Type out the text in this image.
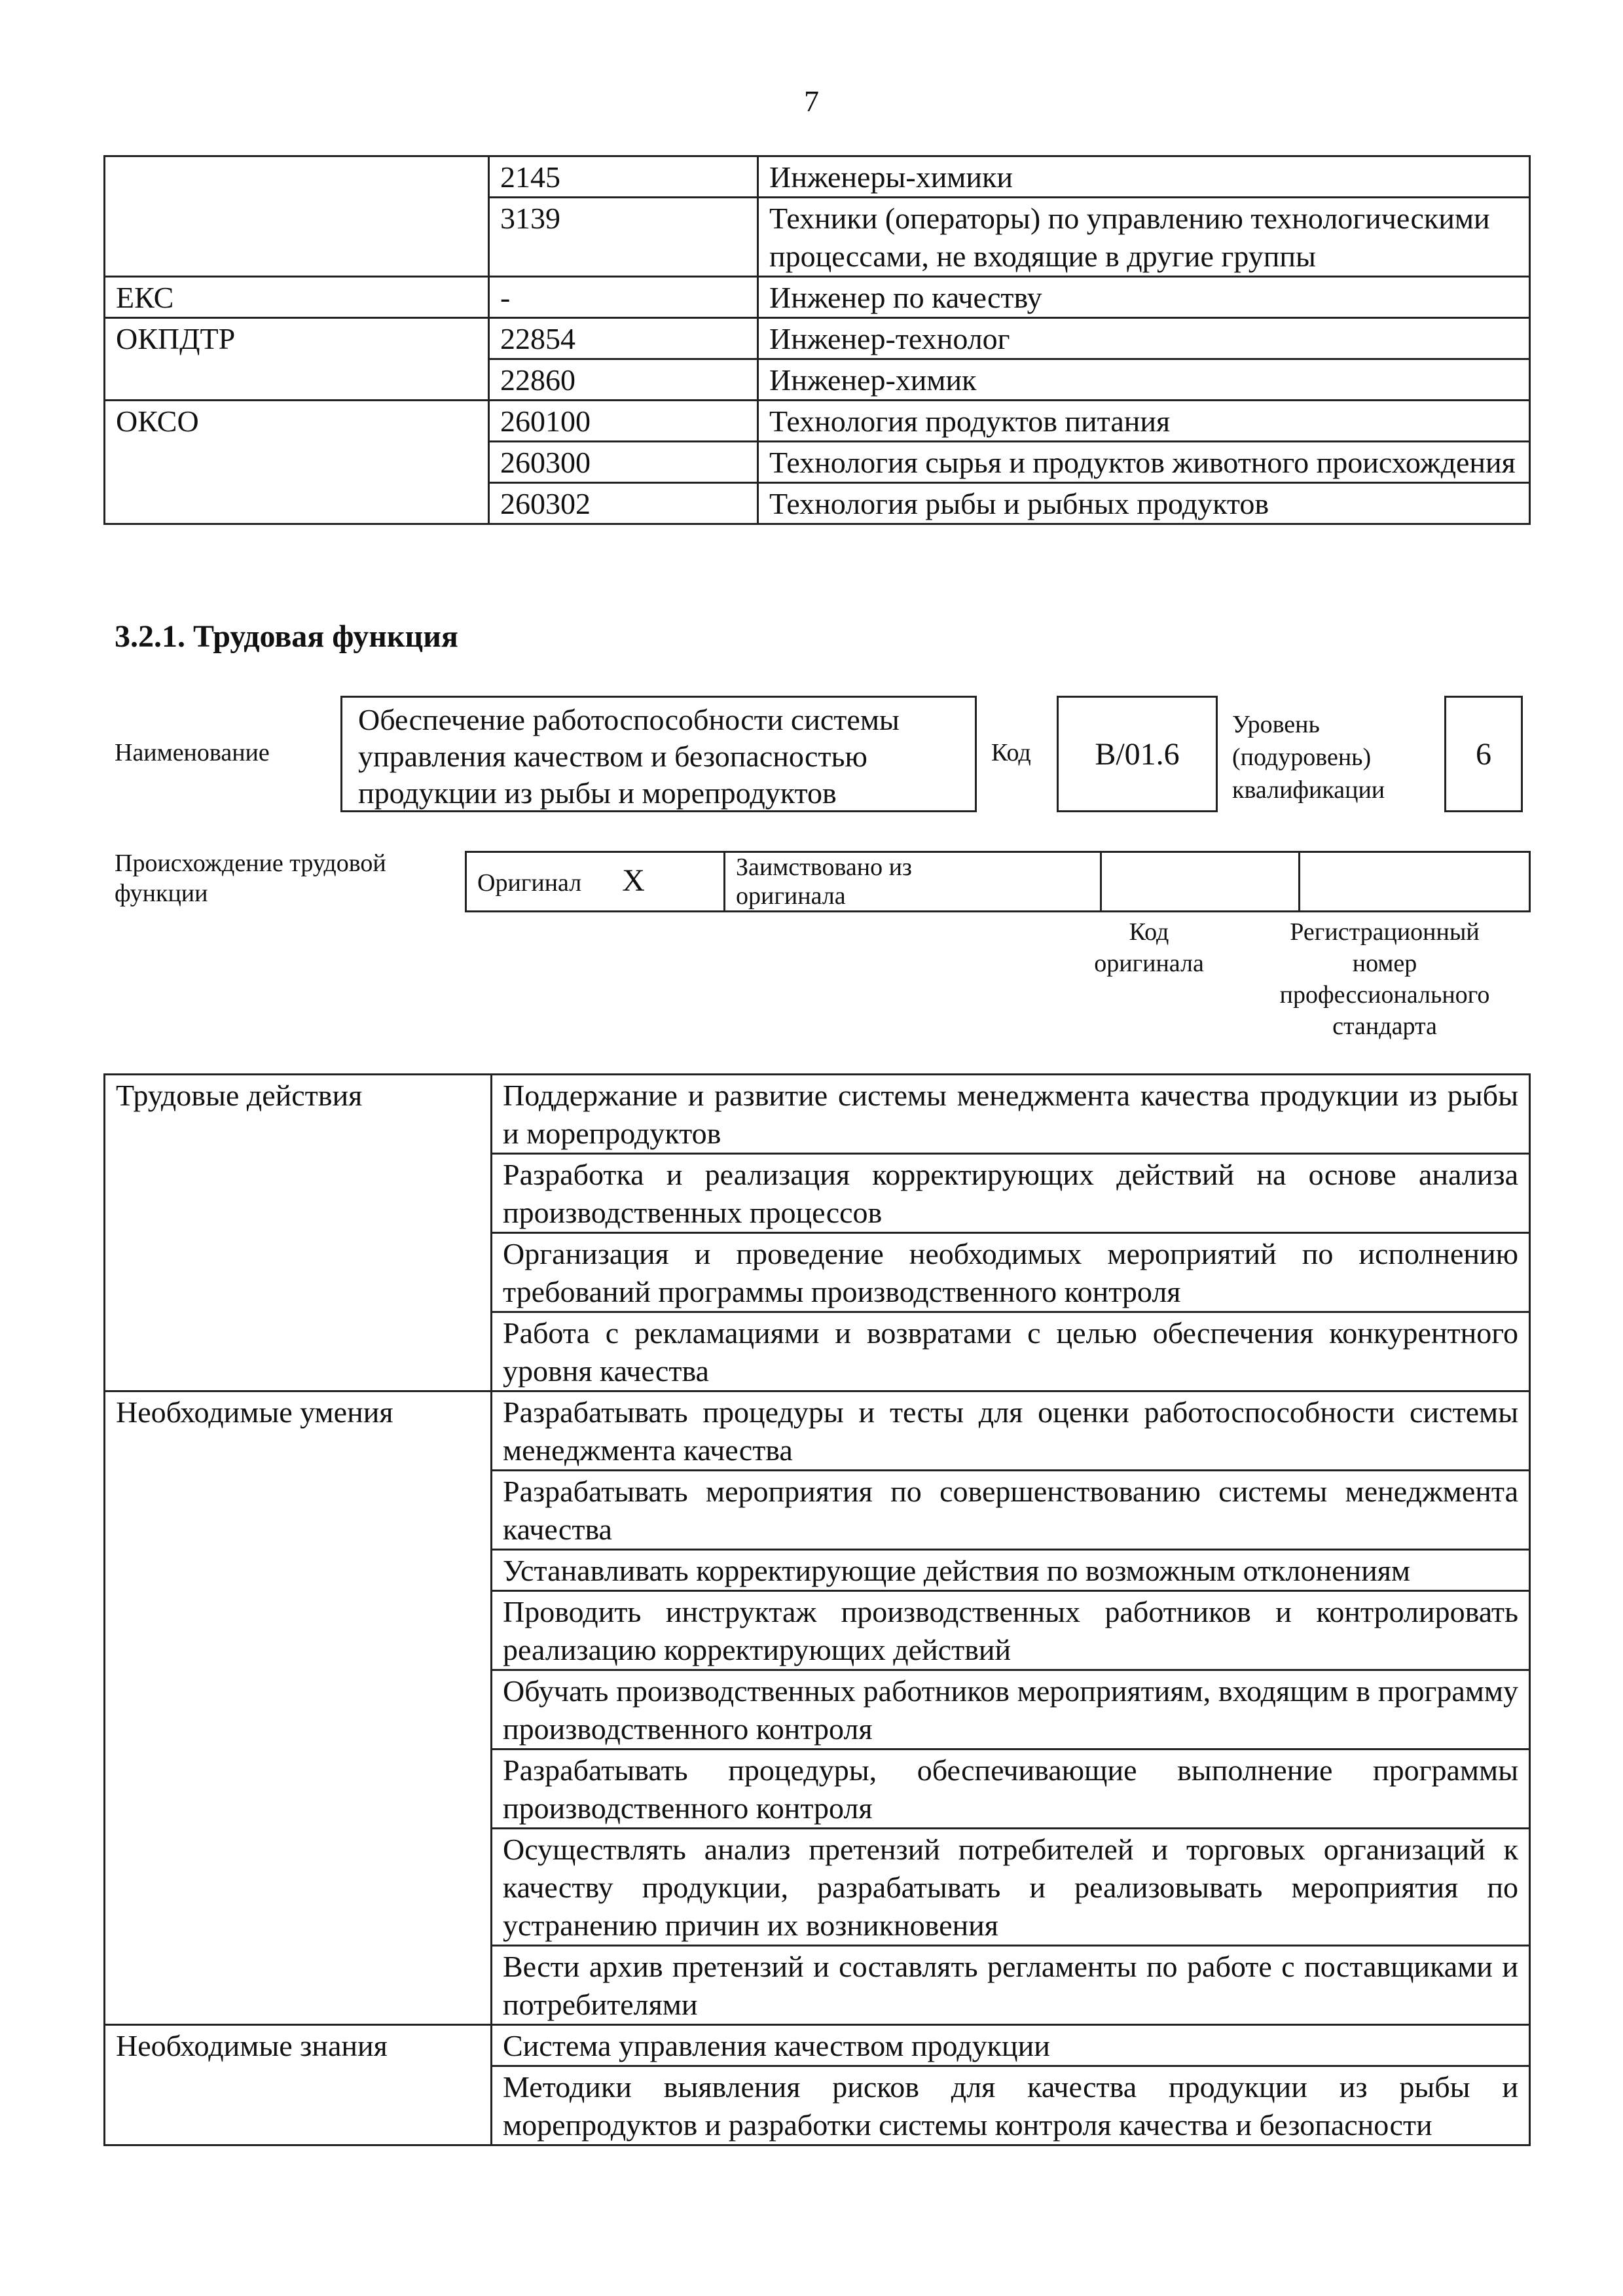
7
	2145	Инженеры-химики
	3139	Техники (операторы) по управлению технологическими процессами, не входящие в другие группы
ЕКС	-	Инженер по качеству
ОКПДТР	22854	Инженер-технолог
	22860	Инженер-химик
ОКСО	260100	Технология продуктов питания
	260300	Технология сырья и продуктов животного происхождения
	260302	Технология рыбы и рыбных продуктов
3.2.1. Трудовая функция
Наименование
Обеспечение работоспособности системы управления качеством и безопасностью продукции из рыбы и морепродуктов
Код	B/01.6
Уровень
(подуровень)
квалификации
6
Происхождение трудовой
функции	Оригинал X	Заимствовано из
оригинала

Код
оригинала
Регистрационный
номер
профессионального
стандарта
Трудовые действия	Поддержание и развитие системы менеджмента качества продукции из рыбы и морепродуктов
	Разработка и реализация корректирующих действий на основе анализа производственных процессов
	Организация и проведение необходимых мероприятий по исполнению требований программы производственного контроля
	Работа с рекламациями и возвратами с целью обеспечения конкурентного уровня качества
Необходимые умения	Разрабатывать процедуры и тесты для оценки работоспособности системы менеджмента качества
	Разрабатывать мероприятия по совершенствованию системы менеджмента качества
	Устанавливать корректирующие действия по возможным отклонениям
	Проводить инструктаж производственных работников и контролировать реализацию корректирующих действий
	Обучать производственных работников мероприятиям, входящим в программу производственного контроля
	Разрабатывать процедуры, обеспечивающие выполнение программы производственного контроля
	Осуществлять анализ претензий потребителей и торговых организаций к качеству продукции, разрабатывать и реализовывать мероприятия по устранению причин их возникновения
	Вести архив претензий и составлять регламенты по работе с поставщиками и потребителями
Необходимые знания	Система управления качеством продукции
	Методики выявления рисков для качества продукции из рыбы и морепродуктов и разработки системы контроля качества и безопасности
